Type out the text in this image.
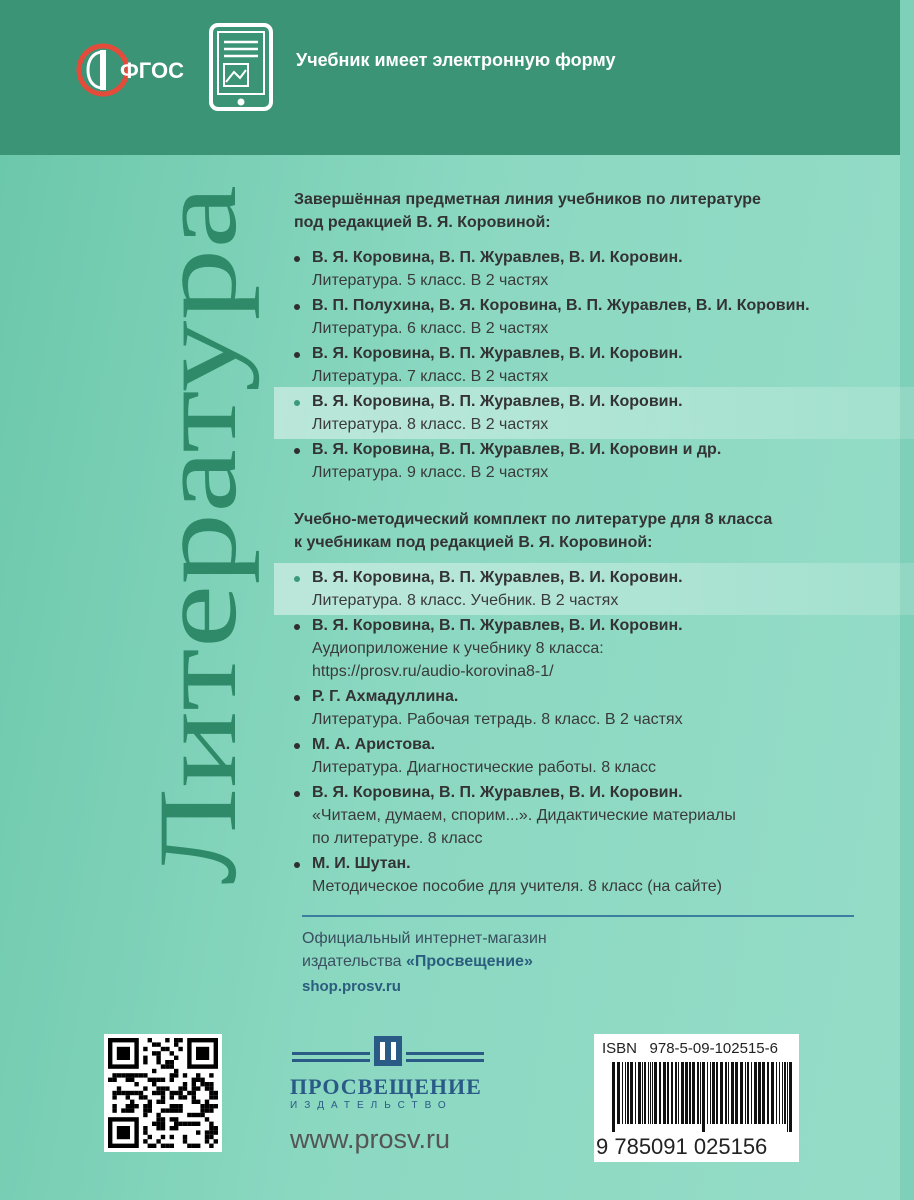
ФГОС	Учебник имеет электронную форму
Литература
Завершённая предметная линия учебников по литературе
под редакцией В. Я. Коровиной:
В. Я. Коровина, В. П. Журавлев, В. И. Коровин.
Литература. 5 класс. В 2 частях
В. П. Полухина, В. Я. Коровина, В. П. Журавлев, В. И. Коровин.
Литература. 6 класс. В 2 частях
В. Я. Коровина, В. П. Журавлев, В. И. Коровин.
Литература. 7 класс. В 2 частях
В. Я. Коровина, В. П. Журавлев, В. И. Коровин.
Литература. 8 класс. В 2 частях
В. Я. Коровина, В. П. Журавлев, В. И. Коровин и др.
Литература. 9 класс. В 2 частях
Учебно-методический комплект по литературе для 8 класса
к учебникам под редакцией В. Я. Коровиной:
В. Я. Коровина, В. П. Журавлев, В. И. Коровин.
Литература. 8 класс. Учебник. В 2 частях
В. Я. Коровина, В. П. Журавлев, В. И. Коровин.
Аудиоприложение к учебнику 8 класса:
https://prosv.ru/audio-korovina8-1/
Р. Г. Ахмадуллина.
Литература. Рабочая тетрадь. 8 класс. В 2 частях
М. А. Аристова.
Литература. Диагностические работы. 8 класс
В. Я. Коровина, В. П. Журавлев, В. И. Коровин.
«Читаем, думаем, спорим...». Дидактические материалы
по литературе. 8 класс
М. И. Шутан.
Методическое пособие для учителя. 8 класс (на сайте)
Официальный интернет-магазин
издательства «Просвещение»
shop.prosv.ru
ПРОСВЕЩЕНИЕ
ИЗДАТЕЛЬСТВО
www.prosv.ru
ISBN 978-5-09-102515-6
9 785091 025156
